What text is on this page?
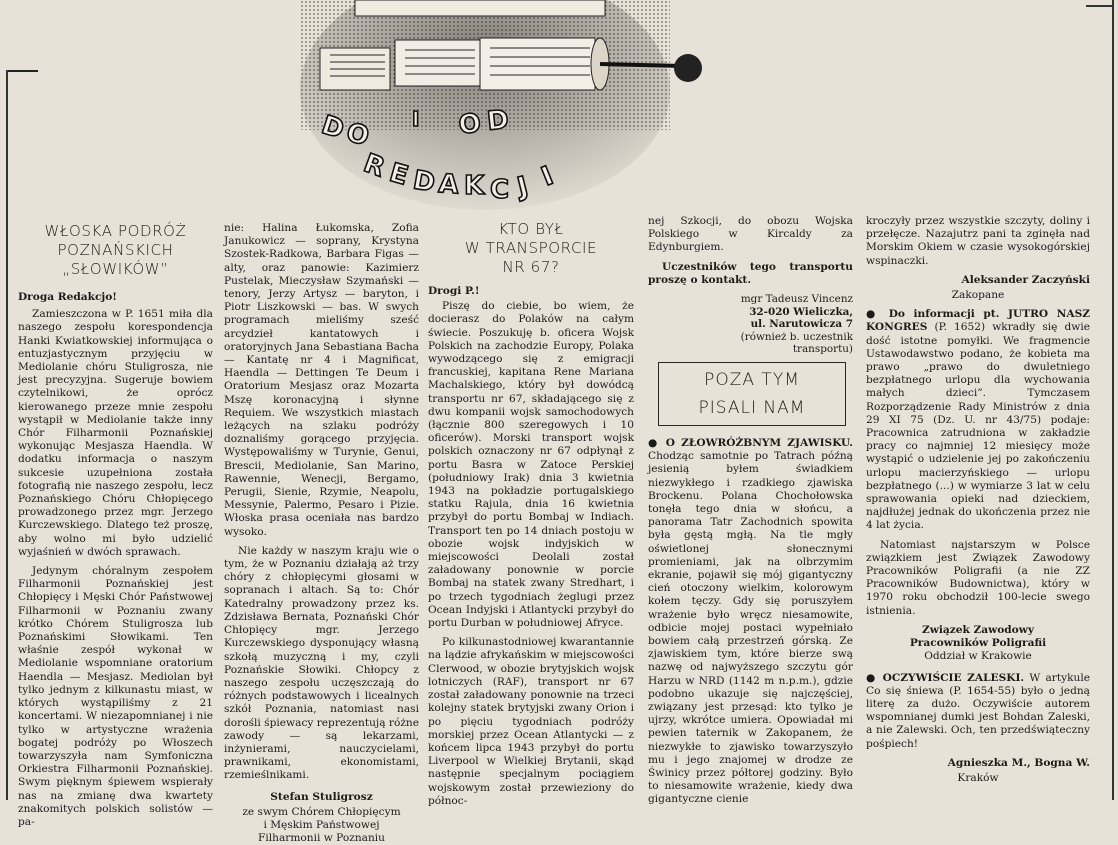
D
O I O D
R
E D A K C J I
WŁOSKA PODRÓŻ
POZNAŃSKICH
„SŁOWIKÓW”

Droga Redakcjo!

Zamieszczona w P. 1651 miła dla naszego zespołu korespondencja Hanki Kwiatkowskiej informująca o entuzjastycznym przyjęciu w Mediolanie chóru Stuligrosza, nie jest precyzyjna. Sugeruje bowiem czytelnikowi, że oprócz kierowanego przeze mnie zespołu wystąpił w Mediolanie także inny Chór Filharmonii Poznańskiej wykonując Mesjasza Haendla. W dodatku informacja o naszym sukcesie uzupełniona została fotografią nie naszego zespołu, lecz Poznańskiego Chóru Chłopięcego prowadzonego przez mgr. Jerzego Kurczewskiego. Dlatego też proszę, aby wolno mi było udzielić wyjaśnień w dwóch sprawach.

Jedynym chóralnym zespołem Filharmonii Poznańskiej jest Chłopięcy i Męski Chór Państwowej Filharmonii w Poznaniu zwany krótko Chórem Stuligrosza lub Poznańskimi Słowikami. Ten właśnie zespół wykonał w Mediolanie wspomniane oratorium Haendla — Mesjasz. Mediolan był tylko jednym z kilkunastu miast, w których wystąpiliśmy z 21 koncertami. W niezapomnianej i nie tylko w artystyczne wrażenia bogatej podróży po Włoszech towarzyszyła nam Symfoniczna Orkiestra Filharmonii Poznańskiej. Swym pięknym śpiewem wspierały nas na zmianę dwa kwartety znakomitych polskich solistów — pa-

nie: Halina Łukomska, Zofia Janukowicz — soprany, Krystyna Szostek-Radkowa, Barbara Figas — alty, oraz panowie: Kazimierz Pustelak, Mieczysław Szymański — tenory, Jerzy Artysz — baryton, i Piotr Liszkowski — bas. W swych programach mieliśmy sześć arcydzieł kantatowych i oratoryjnych Jana Sebastiana Bacha — Kantatę nr 4 i Magnificat, Haendla — Dettingen Te Deum i Oratorium Mesjasz oraz Mozarta Mszę koronacyjną i słynne Requiem. We wszystkich miastach leżących na szlaku podróży doznaliśmy gorącego przyjęcia. Występowaliśmy w Turynie, Genui, Brescii, Mediolanie, San Marino, Rawennie, Wenecji, Bergamo, Perugii, Sienie, Rzymie, Neapolu, Messynie, Palermo, Pesaro i Pizie. Włoska prasa oceniała nas bardzo wysoko.

Nie każdy w naszym kraju wie o tym, że w Poznaniu działają aż trzy chóry z chłopięcymi głosami w sopranach i altach. Są to: Chór Katedralny prowadzony przez ks. Zdzisława Bernata, Poznański Chór Chłopięcy mgr. Jerzego Kurczewskiego dysponujący własną szkołą muzyczną i my, czyli Poznańskie Słowiki. Chłopcy z naszego zespołu uczęszczają do różnych podstawowych i licealnych szkół Poznania, natomiast nasi dorośli śpiewacy reprezentują różne zawody — są lekarzami, inżynierami, nauczycielami, prawnikami, ekonomistami, rzemieślnikami.

Stefan Stuligrosz

ze swym Chórem Chłopięcym
i Męskim Państwowej
Filharmonii w Poznaniu
KTO BYŁ
W TRANSPORCIE
NR 67?

Drogi P.!

Piszę do ciebie, bo wiem, że docierasz do Polaków na całym świecie. Poszukuję b. oficera Wojsk Polskich na zachodzie Europy, Polaka wywodzącego się z emigracji francuskiej, kapitana Rene Mariana Machalskiego, który był dowódcą transportu nr 67, składającego się z dwu kompanii wojsk samochodowych (łącznie 800 szeregowych i 10 oficerów). Morski transport wojsk polskich oznaczony nr 67 odpłynął z portu Basra w Zatoce Perskiej (południowy Irak) dnia 3 kwietnia 1943 na pokładzie portugalskiego statku Rajula, dnia 16 kwietnia przybył do portu Bombaj w Indiach. Transport ten po 14 dniach postoju w obozie wojsk indyjskich w miejscowości Deolali został załadowany ponownie w porcie Bombaj na statek zwany Stredhart, i po trzech tygodniach żeglugi przez Ocean Indyjski i Atlantycki przybył do portu Durban w południowej Afryce.

Po kilkunastodniowej kwarantannie na lądzie afrykańskim w miejscowości Clerwood, w obozie brytyjskich wojsk lotniczych (RAF), transport nr 67 został załadowany ponownie na trzeci kolejny statek brytyjski zwany Orion i po pięciu tygodniach podróży morskiej przez Ocean Atlantycki — z końcem lipca 1943 przybył do portu Liverpool w Wielkiej Brytanii, skąd następnie specjalnym pociągiem wojskowym został przewieziony do północ-

nej Szkocji, do obozu Wojska Polskiego w Kircaldy za Edynburgiem.

Uczestników tego transportu proszę o kontakt.

mgr Tadeusz Vincenz
32-020 Wieliczka,
ul. Narutowicza 7
(również b. uczestnik
transportu)
POZA TYM
PISALI NAM

● O ZŁOWRÓŻBNYM ZJAWISKU. Chodząc samotnie po Tatrach późną jesienią byłem świadkiem niezwykłego i rzadkiego zjawiska Brockenu. Polana Chochołowska tonęła tego dnia w słońcu, a panorama Tatr Zachodnich spowita była gęstą mgłą. Na tle mgły oświetlonej słonecznymi promieniami, jak na olbrzymim ekranie, pojawił się mój gigantyczny cień otoczony wielkim, kolorowym kołem tęczy. Gdy się poruszyłem wrażenie było wręcz niesamowite, odbicie mojej postaci wypełniało bowiem całą przestrzeń górską. Ze zjawiskiem tym, które bierze swą nazwę od najwyższego szczytu gór Harzu w NRD (1142 m n.p.m.), gdzie podobno ukazuje się najczęściej, związany jest przesąd: kto tylko je ujrzy, wkrótce umiera. Opowiadał mi pewien taternik w Zakopanem, że niezwykłe to zjawisko towarzyszyło mu i jego znajomej w drodze ze Świnicy przez półtorej godziny. Było to niesamowite wrażenie, kiedy dwa gigantyczne cienie

kroczyły przez wszystkie szczyty, doliny i przełęcze. Nazajutrz pani ta zginęła nad Morskim Okiem w czasie wysokogórskiej wspinaczki.

Aleksander Zaczyński

Zakopane

● Do informacji pt. JUTRO NASZ KONGRES (P. 1652) wkradły się dwie dość istotne pomyłki. We fragmencie Ustawodawstwo podano, że kobieta ma prawo „prawo do dwuletniego bezpłatnego urlopu dla wychowania małych dzieci”. Tymczasem Rozporządzenie Rady Ministrów z dnia 29 XI 75 (Dz. U. nr 43/75) podaje: Pracownica zatrudniona w zakładzie pracy co najmniej 12 miesięcy może wystąpić o udzielenie jej po zakończeniu urlopu macierzyńskiego — urlopu bezpłatnego (...) w wymiarze 3 lat w celu sprawowania opieki nad dzieckiem, najdłużej jednak do ukończenia przez nie 4 lat życia.

Natomiast najstarszym w Polsce związkiem jest Związek Zawodowy Pracowników Poligrafii (a nie ZZ Pracowników Budownictwa), który w 1970 roku obchodził 100-lecie swego istnienia.

Związek Zawodowy
Pracowników Poligrafii
Oddział w Krakowie

● OCZYWIŚCIE ZALESKI. W artykule Co się śniewa (P. 1654-55) było o jedną literę za dużo. Oczywiście autorem wspomnianej dumki jest Bohdan Zaleski, a nie Zalewski. Och, ten przedświąteczny pośpiech!

Agnieszka M., Bogna W.

Kraków
